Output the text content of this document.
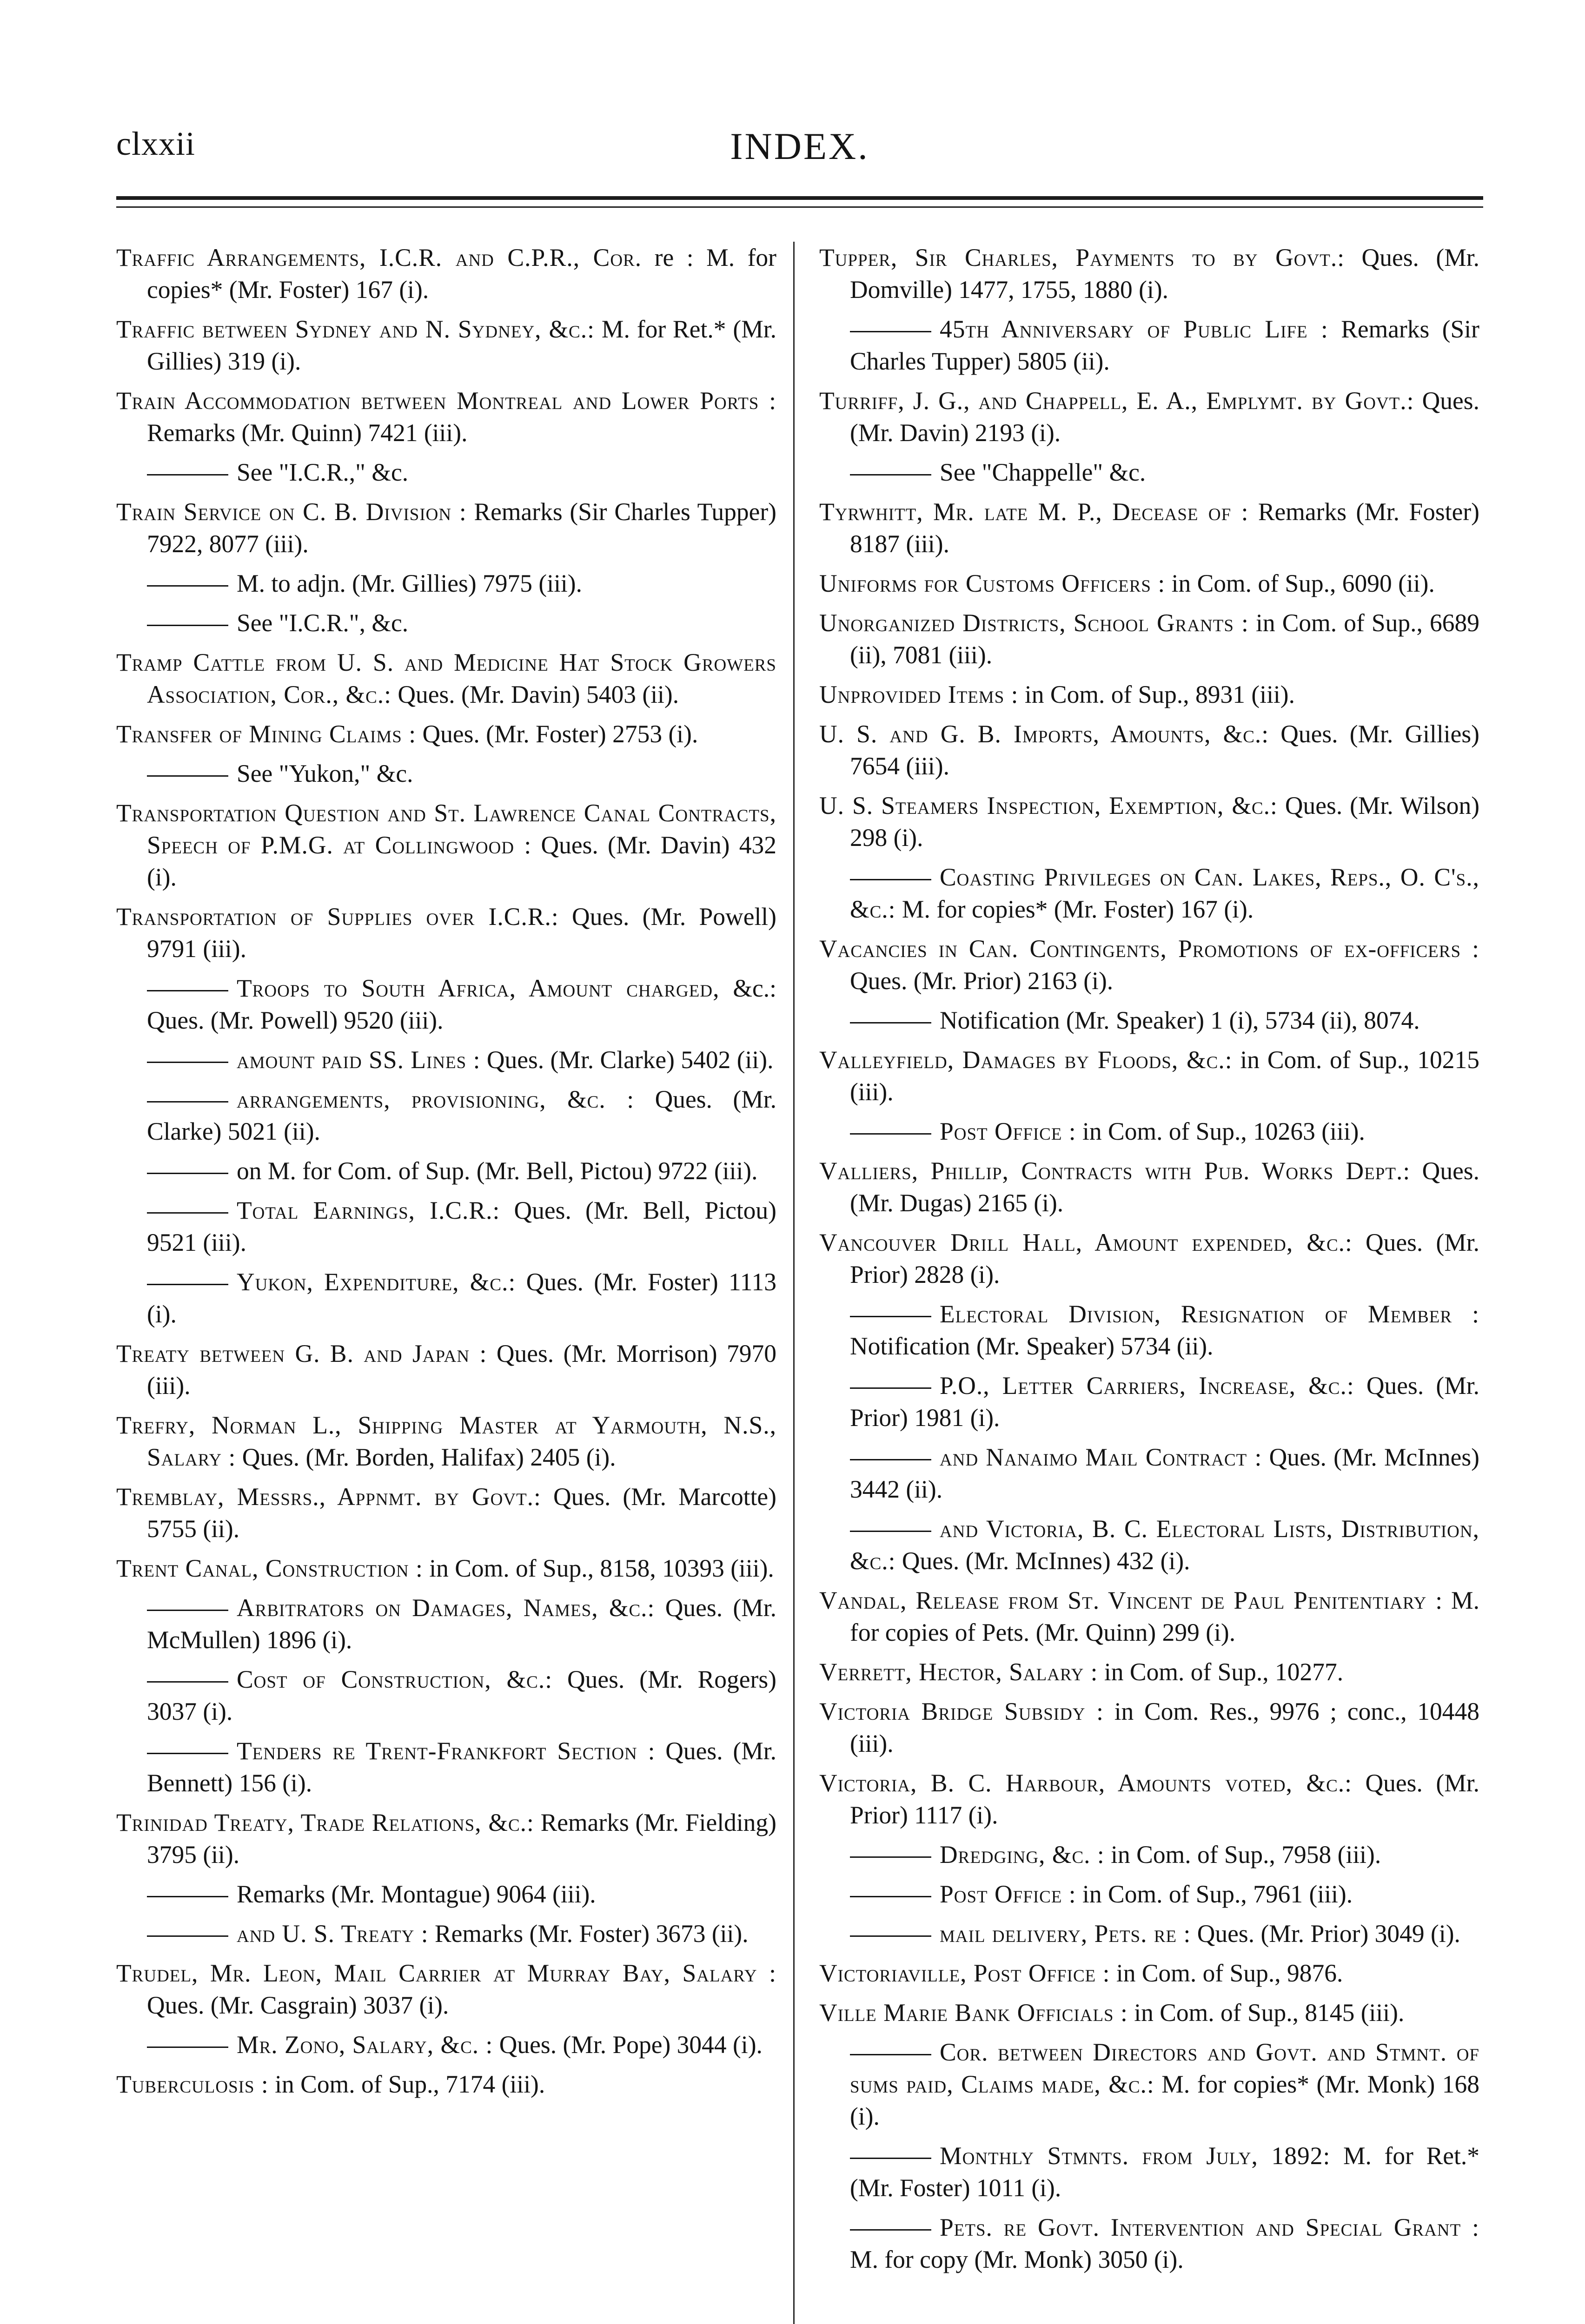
clxxii	INDEX.
Traffic Arrangements, I.C.R. and C.P.R., Cor. re : M. for copies* (Mr. Foster) 167 (i).
Traffic between Sydney and N. Sydney, &c.: M. for Ret.* (Mr. Gillies) 319 (i).
Train Accommodation between Montreal and Lower Ports : Remarks (Mr. Quinn) 7421 (iii).
See "I.C.R.," &c.
Train Service on C. B. Division : Remarks (Sir Charles Tupper) 7922, 8077 (iii).
M. to adjn. (Mr. Gillies) 7975 (iii).
See "I.C.R.", &c.
Tramp Cattle from U. S. and Medicine Hat Stock Growers Association, Cor., &c.: Ques. (Mr. Davin) 5403 (ii).
Transfer of Mining Claims : Ques. (Mr. Foster) 2753 (i).
See "Yukon," &c.
Transportation Question and St. Lawrence Canal Contracts, Speech of P.M.G. at Collingwood : Ques. (Mr. Davin) 432 (i).
Transportation of Supplies over I.C.R.: Ques. (Mr. Powell) 9791 (iii).
Troops to South Africa, Amount charged, &c.: Ques. (Mr. Powell) 9520 (iii).
amount paid SS. Lines : Ques. (Mr. Clarke) 5402 (ii).
arrangements, provisioning, &c. : Ques. (Mr. Clarke) 5021 (ii).
on M. for Com. of Sup. (Mr. Bell, Pictou) 9722 (iii).
Total Earnings, I.C.R.: Ques. (Mr. Bell, Pictou) 9521 (iii).
Yukon, Expenditure, &c.: Ques. (Mr. Foster) 1113 (i).
Treaty between G. B. and Japan : Ques. (Mr. Morrison) 7970 (iii).
Trefry, Norman L., Shipping Master at Yarmouth, N.S., Salary : Ques. (Mr. Borden, Halifax) 2405 (i).
Tremblay, Messrs., Appnmt. by Govt.: Ques. (Mr. Marcotte) 5755 (ii).
Trent Canal, Construction : in Com. of Sup., 8158, 10393 (iii).
Arbitrators on Damages, Names, &c.: Ques. (Mr. McMullen) 1896 (i).
Cost of Construction, &c.: Ques. (Mr. Rogers) 3037 (i).
Tenders re Trent-Frankfort Section : Ques. (Mr. Bennett) 156 (i).
Trinidad Treaty, Trade Relations, &c.: Remarks (Mr. Fielding) 3795 (ii).
Remarks (Mr. Montague) 9064 (iii).
and U. S. Treaty : Remarks (Mr. Foster) 3673 (ii).
Trudel, Mr. Leon, Mail Carrier at Murray Bay, Salary : Ques. (Mr. Casgrain) 3037 (i).
Mr. Zono, Salary, &c. : Ques. (Mr. Pope) 3044 (i).
Tuberculosis : in Com. of Sup., 7174 (iii).
Tupper, Sir Charles, Payments to by Govt.: Ques. (Mr. Domville) 1477, 1755, 1880 (i).
45th Anniversary of Public Life : Remarks (Sir Charles Tupper) 5805 (ii).
Turriff, J. G., and Chappell, E. A., Emplymt. by Govt.: Ques. (Mr. Davin) 2193 (i).
See "Chappelle" &c.
Tyrwhitt, Mr. late M. P., Decease of : Remarks (Mr. Foster) 8187 (iii).
Uniforms for Customs Officers : in Com. of Sup., 6090 (ii).
Unorganized Districts, School Grants : in Com. of Sup., 6689 (ii), 7081 (iii).
Unprovided Items : in Com. of Sup., 8931 (iii).
U. S. and G. B. Imports, Amounts, &c.: Ques. (Mr. Gillies) 7654 (iii).
U. S. Steamers Inspection, Exemption, &c.: Ques. (Mr. Wilson) 298 (i).
Coasting Privileges on Can. Lakes, Reps., O. C's., &c.: M. for copies* (Mr. Foster) 167 (i).
Vacancies in Can. Contingents, Promotions of ex-officers : Ques. (Mr. Prior) 2163 (i).
Notification (Mr. Speaker) 1 (i), 5734 (ii), 8074.
Valleyfield, Damages by Floods, &c.: in Com. of Sup., 10215 (iii).
Post Office : in Com. of Sup., 10263 (iii).
Valliers, Phillip, Contracts with Pub. Works Dept.: Ques. (Mr. Dugas) 2165 (i).
Vancouver Drill Hall, Amount expended, &c.: Ques. (Mr. Prior) 2828 (i).
Electoral Division, Resignation of Member : Notification (Mr. Speaker) 5734 (ii).
P.O., Letter Carriers, Increase, &c.: Ques. (Mr. Prior) 1981 (i).
and Nanaimo Mail Contract : Ques. (Mr. McInnes) 3442 (ii).
and Victoria, B. C. Electoral Lists, Distribution, &c.: Ques. (Mr. McInnes) 432 (i).
Vandal, Release from St. Vincent de Paul Penitentiary : M. for copies of Pets. (Mr. Quinn) 299 (i).
Verrett, Hector, Salary : in Com. of Sup., 10277.
Victoria Bridge Subsidy : in Com. Res., 9976 ; conc., 10448 (iii).
Victoria, B. C. Harbour, Amounts voted, &c.: Ques. (Mr. Prior) 1117 (i).
Dredging, &c. : in Com. of Sup., 7958 (iii).
Post Office : in Com. of Sup., 7961 (iii).
mail delivery, Pets. re : Ques. (Mr. Prior) 3049 (i).
Victoriaville, Post Office : in Com. of Sup., 9876.
Ville Marie Bank Officials : in Com. of Sup., 8145 (iii).
Cor. between Directors and Govt. and Stmnt. of sums paid, Claims made, &c.: M. for copies* (Mr. Monk) 168 (i).
Monthly Stmnts. from July, 1892: M. for Ret.* (Mr. Foster) 1011 (i).
Pets. re Govt. Intervention and Special Grant : M. for copy (Mr. Monk) 3050 (i).
